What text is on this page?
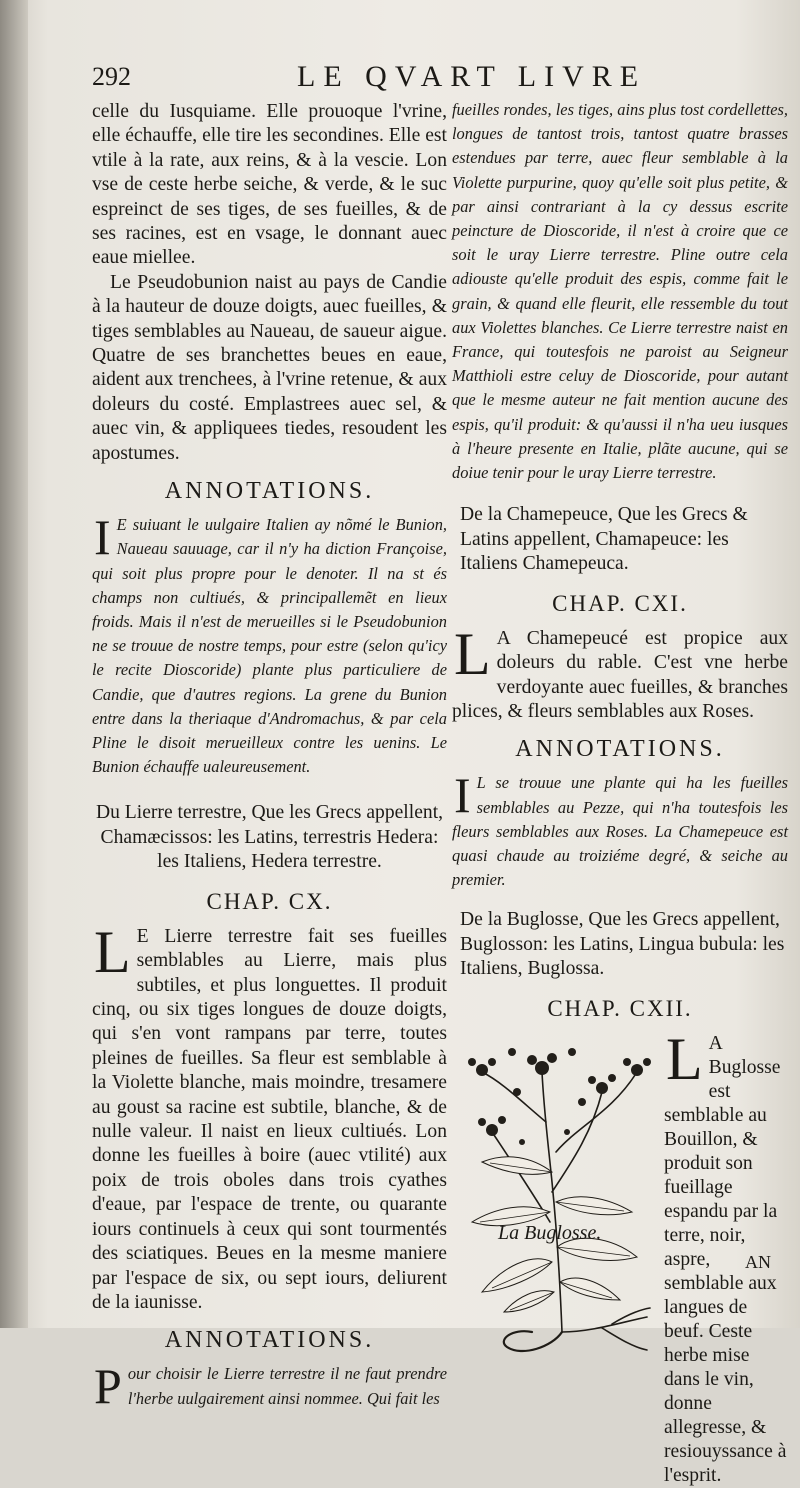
292	LE QVART LIVRE

celle du Iusquiame. Elle prouoque l'vrine, elle échauffe, elle tire les secondines. Elle est vtile à la rate, aux reins, & à la vescie. Lon vse de ceste herbe seiche, & verde, & le suc espreinct de ses tiges, de ses fueilles, & de ses racines, est en vsage, le donnant auec eaue miellee.

Le Pseudobunion naist au pays de Candie à la hauteur de douze doigts, auec fueilles, & tiges semblables au Naueau, de saueur aigue. Quatre de ses branchettes beues en eaue, aident aux trenchees, à l'vrine retenue, & aux doleurs du costé. Emplastrees auec sel, & auec vin, & appliquees tiedes, resoudent les apostumes.

ANNOTATIONS.
I E suiuant le uulgaire Italien ay nõmé le Bunion, Naueau sauuage, car il n'y ha diction Françoise, qui soit plus propre pour le denoter. Il na st és champs non cultiués, & principallemẽt en lieux froids. Mais il n'est de merueilles si le Pseudobunion ne se trouue de nostre temps, pour estre (selon qu'icy le recite Dioscoride) plante plus particuliere de Candie, que d'autres regions. La grene du Bunion entre dans la theriaque d'Andromachus, & par cela Pline le disoit merueilleux contre les uenins. Le Bunion échauffe ualeureusement.

Du Lierre terrestre, Que les Grecs appellent, Chamæcissos: les Latins, terrestris Hedera: les Italiens, Hedera terrestre.
CHAP. CX.
L E Lierre terrestre fait ses fueilles semblables au Lierre, mais plus subtiles, et plus longuettes. Il produit cinq, ou six tiges longues de douze doigts, qui s'en vont rampans par terre, toutes pleines de fueilles. Sa fleur est semblable à la Violette blanche, mais moindre, tresamere au goust sa racine est subtile, blanche, & de nulle valeur. Il naist en lieux cultiués. Lon donne les fueilles à boire (auec vtilité) aux poix de trois oboles dans trois cyathes d'eaue, par l'espace de trente, ou quarante iours continuels à ceux qui sont tourmentés des sciatiques. Beues en la mesme maniere par l'espace de six, ou sept iours, deliurent de la iaunisse.

ANNOTATIONS.
P our choisir le Lierre terrestre il ne faut prendre l'herbe uulgairement ainsi nommee. Qui fait les

fueilles rondes, les tiges, ains plus tost cordellettes, longues de tantost trois, tantost quatre brasses estendues par terre, auec fleur semblable à la Violette purpurine, quoy qu'elle soit plus petite, & par ainsi contrariant à la cy dessus escrite peincture de Dioscoride, il n'est à croire que ce soit le uray Lierre terrestre. Pline outre cela adiouste qu'elle produit des espis, comme fait le grain, & quand elle fleurit, elle ressemble du tout aux Violettes blanches. Ce Lierre terrestre naist en France, qui toutesfois ne paroist au Seigneur Matthioli estre celuy de Dioscoride, pour autant que le mesme auteur ne fait mention aucune des espis, qu'il produit: & qu'aussi il n'ha ueu iusques à l'heure presente en Italie, plãte aucune, qui se doiue tenir pour le uray Lierre terrestre.

De la Chamepeuce, Que les Grecs & Latins appellent, Chamapeuce: les Italiens Chamepeuca.
CHAP. CXI.
L A Chamepeucé est propice aux doleurs du rable. C'est vne herbe verdoyante auec fueilles, & branches plices, & fleurs semblables aux Roses.

ANNOTATIONS.
I L se trouue une plante qui ha les fueilles semblables au Pezze, qui n'ha toutesfois les fleurs semblables aux Roses. La Chamepeuce est quasi chaude au troiziéme degré, & seiche au premier.

De la Buglosse, Que les Grecs appellent, Buglosson: les Latins, Lingua bubula: les Italiens, Buglossa.
CHAP. CXII.
L A Buglosse est semblable au Bouillon, & produit son fueillage espandu par la terre, noir, aspre, semblable aux langues de beuf. Ceste herbe mise dans le vin, donne allegresse, & resiouyssance à l'esprit.
La Buglosse.
AN
